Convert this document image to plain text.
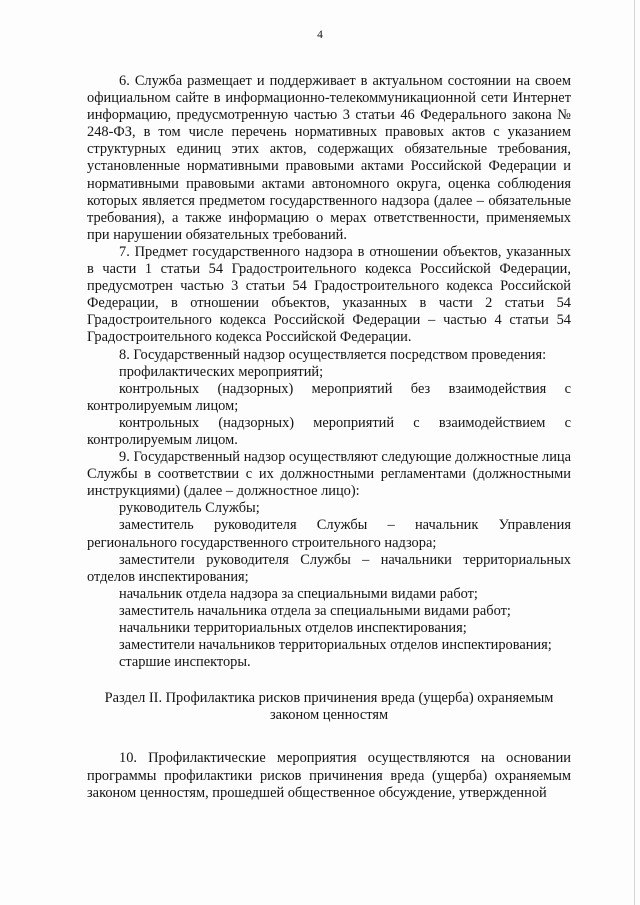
4

6. Служба размещает и поддерживает в актуальном состоянии на своем официальном сайте в информационно-телекоммуникационной сети Интернет информацию, предусмотренную частью 3 статьи 46 Федерального закона № 248-ФЗ, в том числе перечень нормативных правовых актов с указанием структурных единиц этих актов, содержащих обязательные требования, установленные нормативными правовыми актами Российской Федерации и нормативными правовыми актами автономного округа, оценка соблюдения которых является предметом государственного надзора (далее – обязательные требования), а также информацию о мерах ответственности, применяемых при нарушении обязательных требований.

7. Предмет государственного надзора в отношении объектов, указанных в части 1 статьи 54 Градостроительного кодекса Российской Федерации, предусмотрен частью 3 статьи 54 Градостроительного кодекса Российской Федерации, в отношении объектов, указанных в части 2 статьи 54 Градостроительного кодекса Российской Федерации – частью 4 статьи 54 Градостроительного кодекса Российской Федерации.

8. Государственный надзор осуществляется посредством проведения:

профилактических мероприятий;

контрольных (надзорных) мероприятий без взаимодействия с контролируемым лицом;

контрольных (надзорных) мероприятий с взаимодействием с контролируемым лицом.

9. Государственный надзор осуществляют следующие должностные лица Службы в соответствии с их должностными регламентами (должностными инструкциями) (далее – должностное лицо):

руководитель Службы;

заместитель руководителя Службы – начальник Управления регионального государственного строительного надзора;

заместители руководителя Службы – начальники территориальных отделов инспектирования;

начальник отдела надзора за специальными видами работ;

заместитель начальника отдела за специальными видами работ;

начальники территориальных отделов инспектирования;

заместители начальников территориальных отделов инспектирования;

старшие инспекторы.

Раздел II. Профилактика рисков причинения вреда (ущерба) охраняемым законом ценностям

10. Профилактические мероприятия осуществляются на основании программы профилактики рисков причинения вреда (ущерба) охраняемым законом ценностям, прошедшей общественное обсуждение, утвержденной
